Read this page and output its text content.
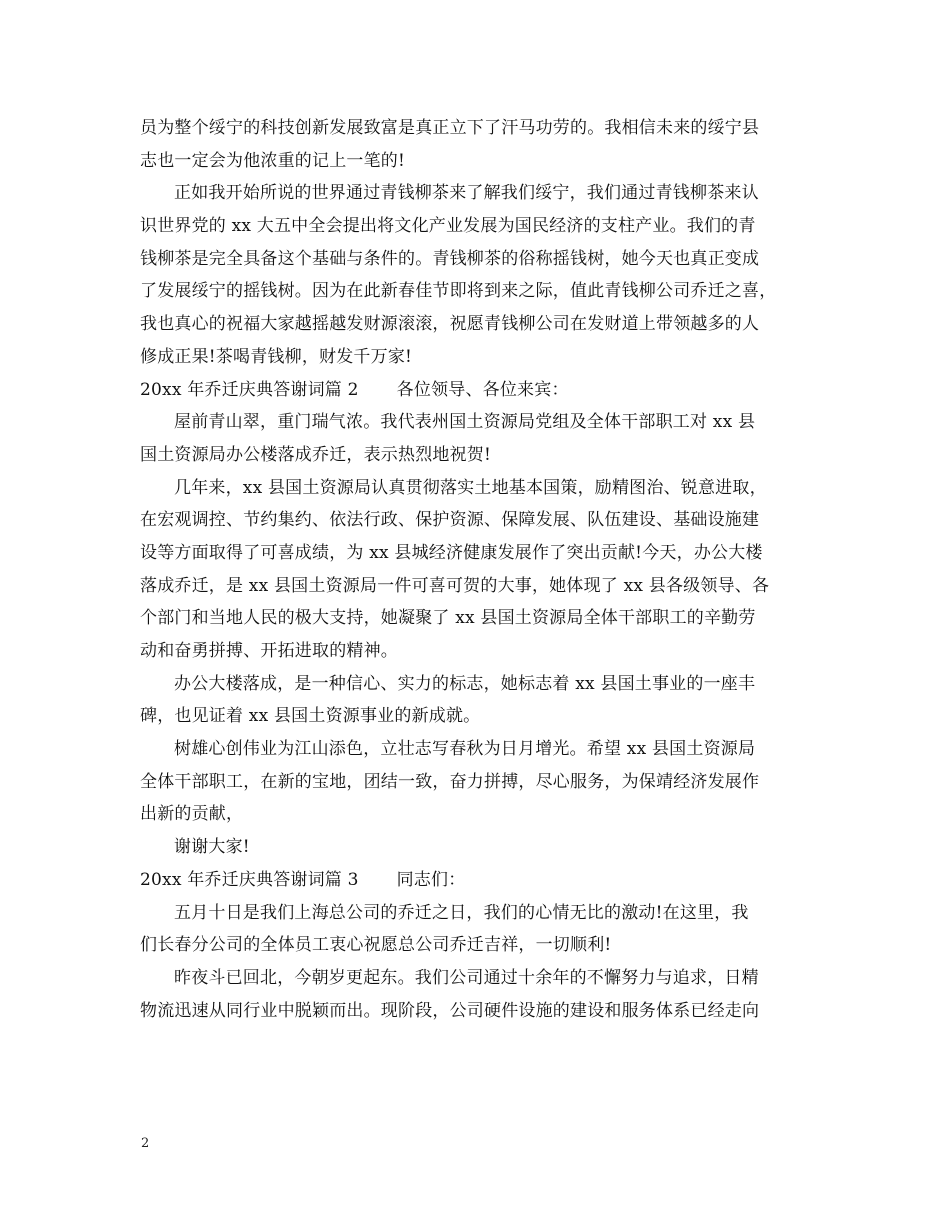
员为整个绥宁的科技创新发展致富是真正立下了汗马功劳的。我相信未来的绥宁县
志也一定会为他浓重的记上一笔的!
正如我开始所说的世界通过青钱柳茶来了解我们绥宁，我们通过青钱柳茶来认
识世界党的 xx 大五中全会提出将文化产业发展为国民经济的支柱产业。我们的青
钱柳茶是完全具备这个基础与条件的。青钱柳茶的俗称摇钱树，她今天也真正变成
了发展绥宁的摇钱树。因为在此新春佳节即将到来之际，值此青钱柳公司乔迁之喜，
我也真心的祝福大家越摇越发财源滚滚，祝愿青钱柳公司在发财道上带领越多的人
修成正果!茶喝青钱柳，财发千万家!
20xx 年乔迁庆典答谢词篇 2 各位领导、各位来宾：
屋前青山翠，重门瑞气浓。我代表州国土资源局党组及全体干部职工对 xx 县
国土资源局办公楼落成乔迁，表示热烈地祝贺!
几年来，xx 县国土资源局认真贯彻落实土地基本国策，励精图治、锐意进取，
在宏观调控、节约集约、依法行政、保护资源、保障发展、队伍建设、基础设施建
设等方面取得了可喜成绩，为 xx 县城经济健康发展作了突出贡献!今天，办公大楼
落成乔迁，是 xx 县国土资源局一件可喜可贺的大事，她体现了 xx 县各级领导、各
个部门和当地人民的极大支持，她凝聚了 xx 县国土资源局全体干部职工的辛勤劳
动和奋勇拼搏、开拓进取的精神。
办公大楼落成，是一种信心、实力的标志，她标志着 xx 县国土事业的一座丰
碑，也见证着 xx 县国土资源事业的新成就。
树雄心创伟业为江山添色，立壮志写春秋为日月增光。希望 xx 县国土资源局
全体干部职工，在新的宝地，团结一致，奋力拼搏，尽心服务，为保靖经济发展作
出新的贡献，
谢谢大家!
20xx 年乔迁庆典答谢词篇 3 同志们：
五月十日是我们上海总公司的乔迁之日，我们的心情无比的激动!在这里，我
们长春分公司的全体员工衷心祝愿总公司乔迁吉祥，一切顺利!
昨夜斗已回北，今朝岁更起东。我们公司通过十余年的不懈努力与追求，日精
物流迅速从同行业中脱颖而出。现阶段，公司硬件设施的建设和服务体系已经走向
2
